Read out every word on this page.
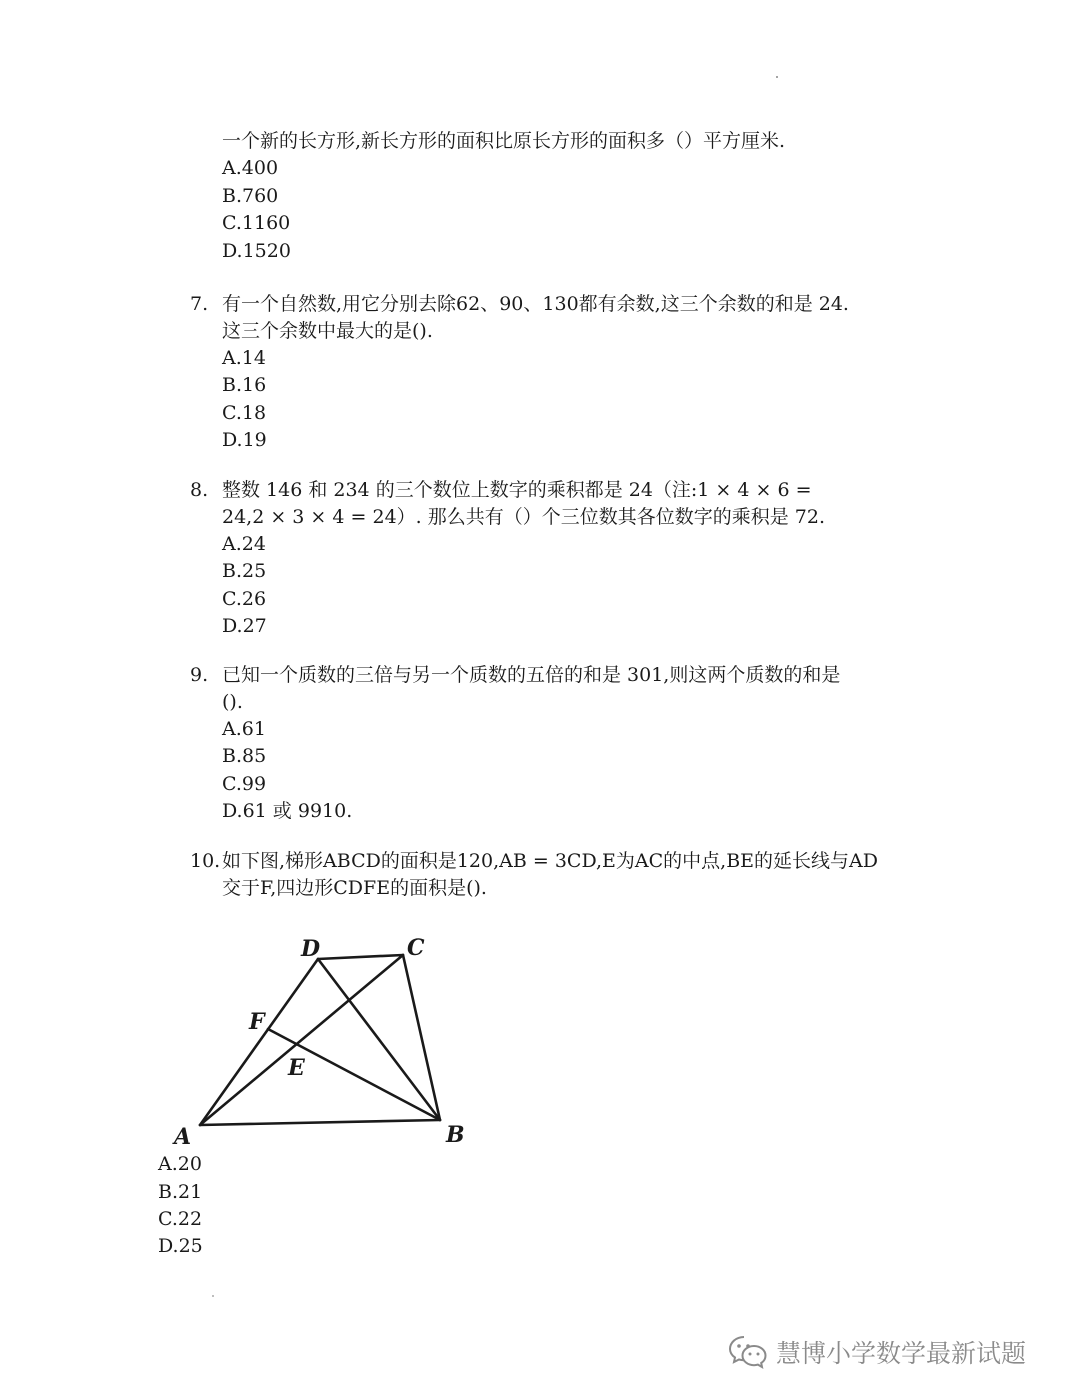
一个新的长方形,新长方形的面积比原长方形的面积多（）平方厘米.
A.400
B.760
C.1160
D.1520
7. 有一个自然数,用它分别去除62、90、130都有余数,这三个余数的和是 24.
这三个余数中最大的是().
A.14
B.16
C.18
D.19
8. 整数 146 和 234 的三个数位上数字的乘积都是 24（注:1 × 4 × 6 =
24,2 × 3 × 4 = 24）. 那么共有（）个三位数其各位数字的乘积是 72.
A.24
B.25
C.26
D.27
9. 已知一个质数的三倍与另一个质数的五倍的和是 301,则这两个质数的和是
().
A.61
B.85
C.99
D.61 或 9910.
10. 如下图,梯形ABCD的面积是120,AB = 3CD,E为AC的中点,BE的延长线与AD
交于F,四边形CDFE的面积是().
A	B
C
D
E
F
A.20
B.21
C.22
D.25
慧博小学数学最新试题
